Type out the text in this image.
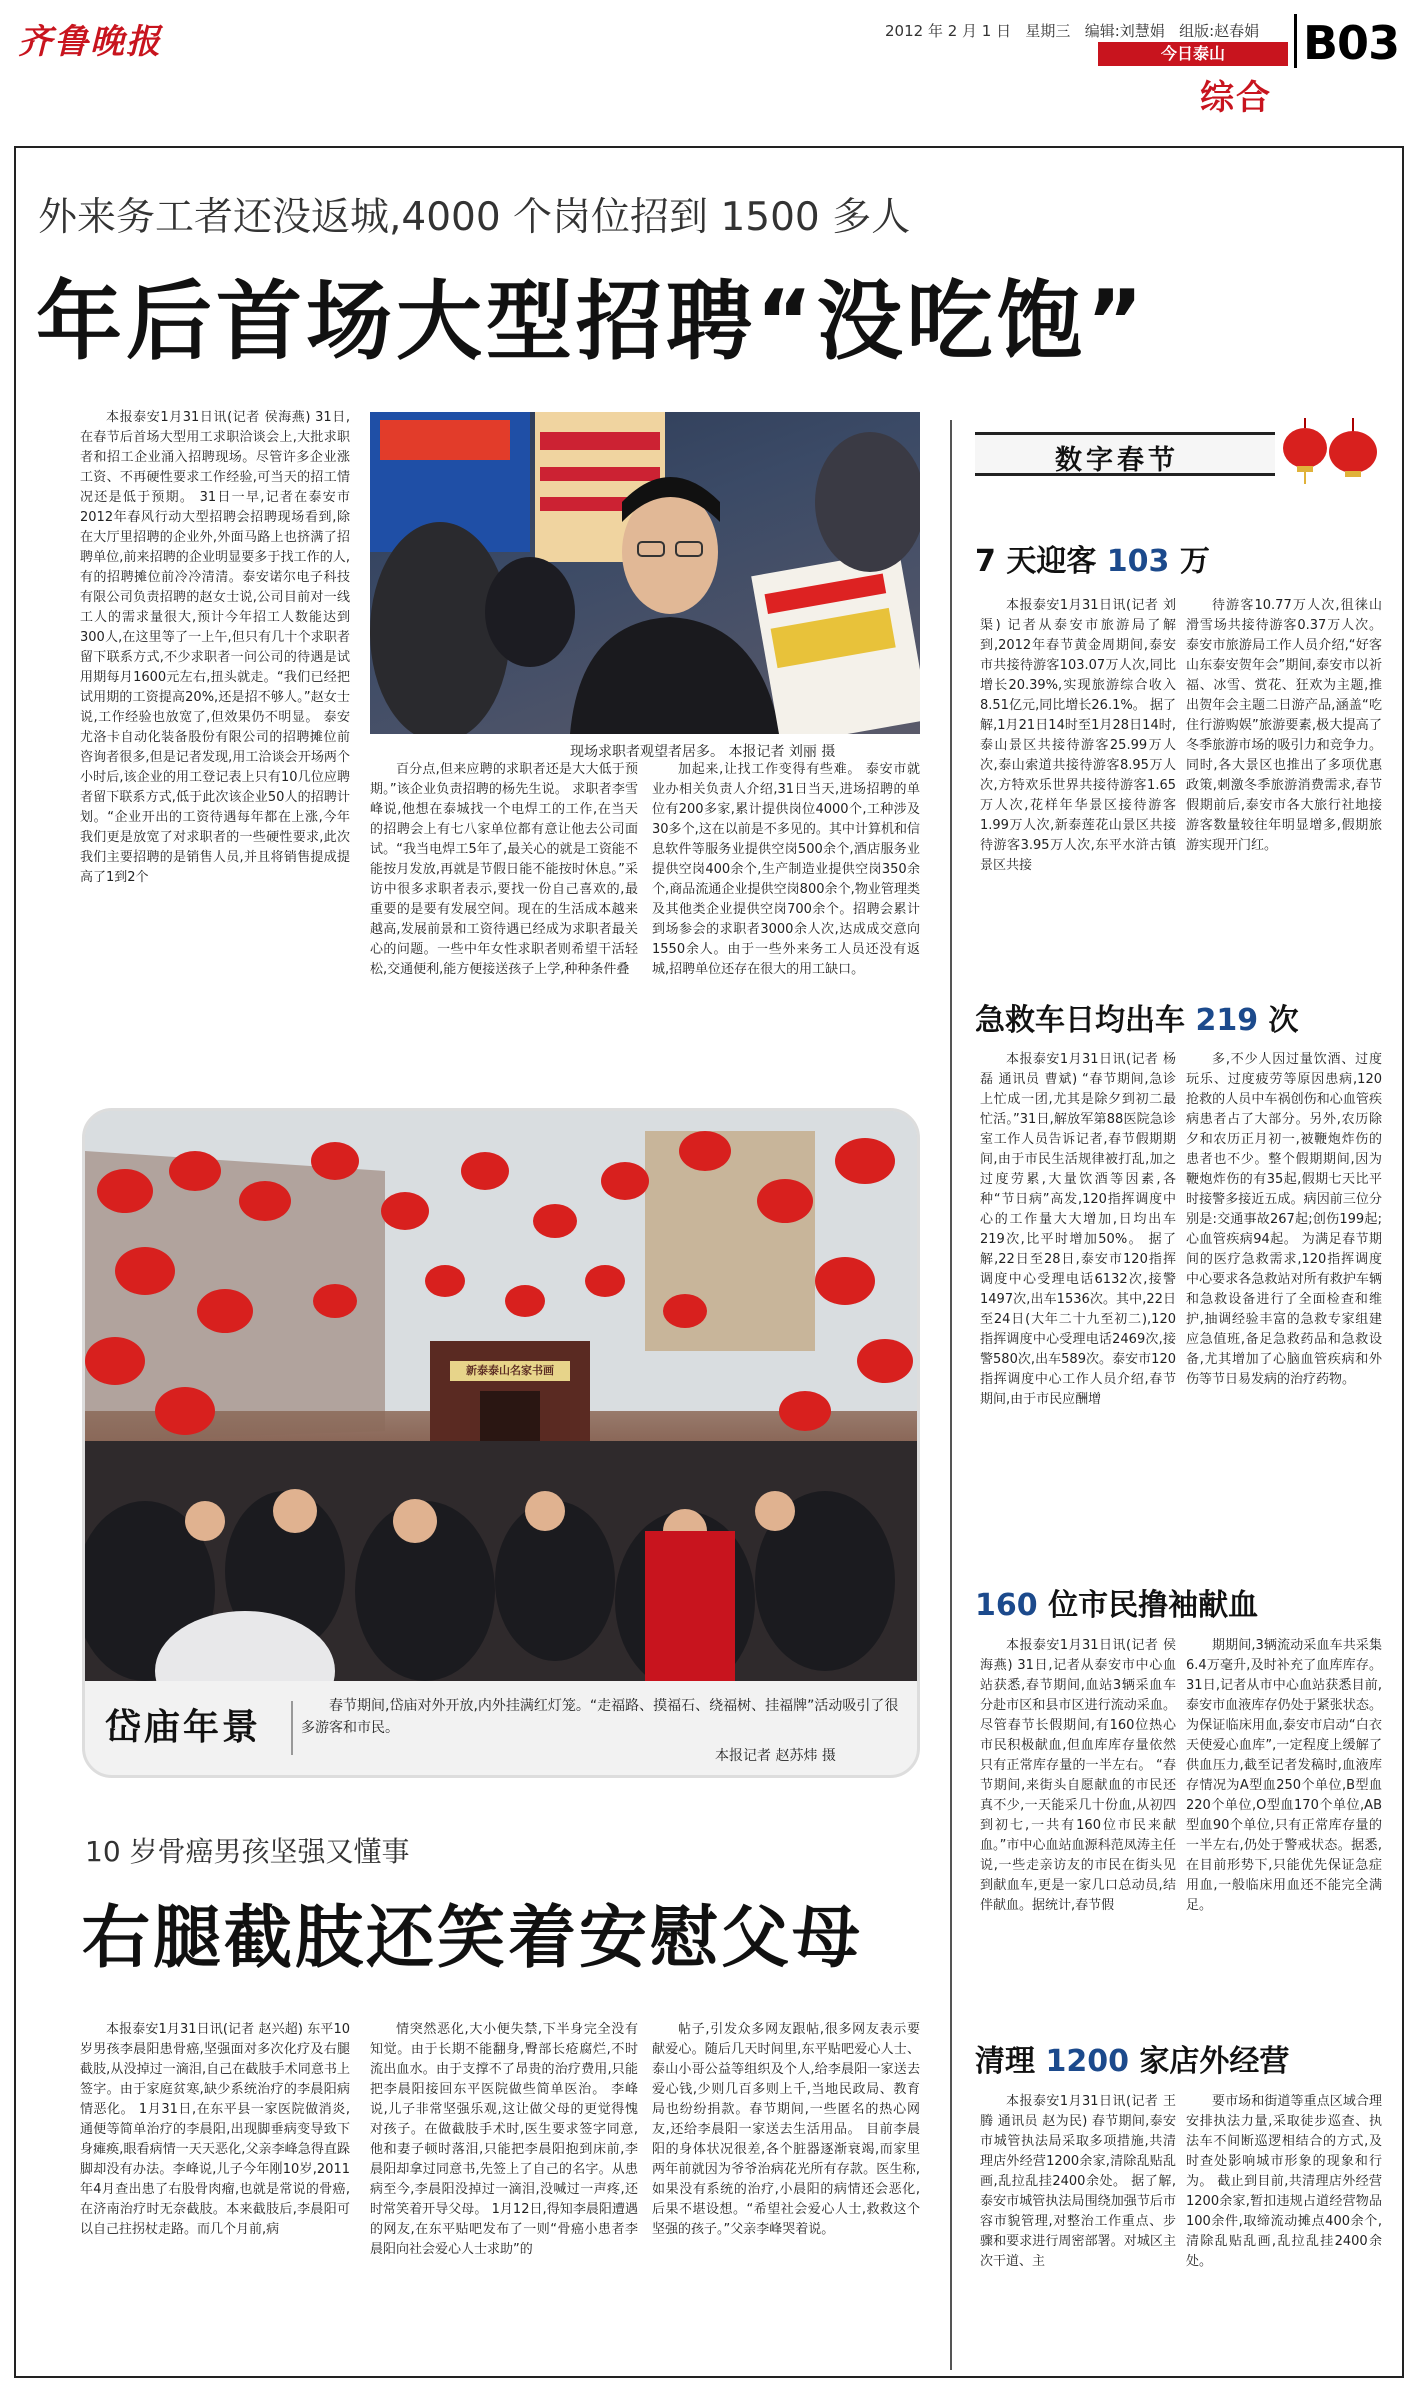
齐鲁晚报	2012 年 2 月 1 日 星期三 编辑:刘慧娟 组版:赵春娟
今日泰山
综合
B03
外来务工者还没返城,4000 个岗位招到 1500 多人
年后首场大型招聘“没吃饱”
本报泰安1月31日讯(记者 侯海燕) 31日,在春节后首场大型用工求职洽谈会上,大批求职者和招工企业涌入招聘现场。尽管许多企业涨工资、不再硬性要求工作经验,可当天的招工情况还是低于预期。 31日一早,记者在泰安市2012年春风行动大型招聘会招聘现场看到,除在大厅里招聘的企业外,外面马路上也挤满了招聘单位,前来招聘的企业明显要多于找工作的人,有的招聘摊位前冷冷清清。泰安诺尔电子科技有限公司负责招聘的赵女士说,公司目前对一线工人的需求量很大,预计今年招工人数能达到300人,在这里等了一上午,但只有几十个求职者留下联系方式,不少求职者一问公司的待遇是试用期每月1600元左右,扭头就走。“我们已经把试用期的工资提高20%,还是招不够人。”赵女士说,工作经验也放宽了,但效果仍不明显。 泰安尤洛卡自动化装备股份有限公司的招聘摊位前咨询者很多,但是记者发现,用工洽谈会开场两个小时后,该企业的用工登记表上只有10几位应聘者留下联系方式,低于此次该企业50人的招聘计划。“企业开出的工资待遇每年都在上涨,今年我们更是放宽了对求职者的一些硬性要求,此次我们主要招聘的是销售人员,并且将销售提成提高了1到2个
现场求职者观望者居多。 本报记者 刘丽 摄
百分点,但来应聘的求职者还是大大低于预期。”该企业负责招聘的杨先生说。 求职者李雪峰说,他想在泰城找一个电焊工的工作,在当天的招聘会上有七八家单位都有意让他去公司面试。“我当电焊工5年了,最关心的就是工资能不能按月发放,再就是节假日能不能按时休息。”采访中很多求职者表示,要找一份自己喜欢的,最重要的是要有发展空间。现在的生活成本越来越高,发展前景和工资待遇已经成为求职者最关心的问题。一些中年女性求职者则希望干活轻松,交通便利,能方便接送孩子上学,种种条件叠
加起来,让找工作变得有些难。 泰安市就业办相关负责人介绍,31日当天,进场招聘的单位有200多家,累计提供岗位4000个,工种涉及30多个,这在以前是不多见的。其中计算机和信息软件等服务业提供空岗500余个,酒店服务业提供空岗400余个,生产制造业提供空岗350余个,商品流通企业提供空岗800余个,物业管理类及其他类企业提供空岗700余个。招聘会累计到场参会的求职者3000余人次,达成成交意向1550余人。由于一些外来务工人员还没有返城,招聘单位还存在很大的用工缺口。
新泰泰山名家书画
岱庙年景
春节期间,岱庙对外开放,内外挂满红灯笼。“走福路、摸福石、绕福树、挂福牌”活动吸引了很多游客和市民。
本报记者 赵苏炜 摄
10 岁骨癌男孩坚强又懂事
右腿截肢还笑着安慰父母
本报泰安1月31日讯(记者 赵兴超) 东平10岁男孩李晨阳患骨癌,坚强面对多次化疗及右腿截肢,从没掉过一滴泪,自己在截肢手术同意书上签字。由于家庭贫寒,缺少系统治疗的李晨阳病情恶化。 1月31日,在东平县一家医院做消炎,通便等简单治疗的李晨阳,出现脚垂病变导致下身瘫痪,眼看病情一天天恶化,父亲李峰急得直跺脚却没有办法。李峰说,儿子今年刚10岁,2011年4月查出患了右股骨肉瘤,也就是常说的骨癌,在济南治疗时无奈截肢。本来截肢后,李晨阳可以自己拄拐杖走路。而几个月前,病
情突然恶化,大小便失禁,下半身完全没有知觉。由于长期不能翻身,臀部长疮腐烂,不时流出血水。由于支撑不了昂贵的治疗费用,只能把李晨阳接回东平医院做些简单医治。 李峰说,儿子非常坚强乐观,这让做父母的更觉得愧对孩子。在做截肢手术时,医生要求签字同意,他和妻子顿时落泪,只能把李晨阳抱到床前,李晨阳却拿过同意书,先签上了自己的名字。从患病至今,李晨阳没掉过一滴泪,没喊过一声疼,还时常笑着开导父母。 1月12日,得知李晨阳遭遇的网友,在东平贴吧发布了一则“骨癌小患者李晨阳向社会爱心人士求助”的
帖子,引发众多网友跟帖,很多网友表示要献爱心。随后几天时间里,东平贴吧爱心人士、泰山小哥公益等组织及个人,给李晨阳一家送去爱心钱,少则几百多则上千,当地民政局、教育局也纷纷捐款。春节期间,一些匿名的热心网友,还给李晨阳一家送去生活用品。 目前李晨阳的身体状况很差,各个脏器逐渐衰竭,而家里两年前就因为爷爷治病花光所有存款。医生称,如果没有系统的治疗,小晨阳的病情还会恶化,后果不堪设想。“希望社会爱心人士,救救这个坚强的孩子。”父亲李峰哭着说。
数字春节
7 天迎客 103 万
本报泰安1月31日讯(记者 刘渠) 记者从泰安市旅游局了解到,2012年春节黄金周期间,泰安市共接待游客103.07万人次,同比增长20.39%,实现旅游综合收入8.51亿元,同比增长26.1%。 据了解,1月21日14时至1月28日14时,泰山景区共接待游客25.99万人次,泰山索道共接待游客8.95万人次,方特欢乐世界共接待游客1.65万人次,花样年华景区接待游客1.99万人次,新泰莲花山景区共接待游客3.95万人次,东平水浒古镇景区共接
待游客10.77万人次,徂徕山滑雪场共接待游客0.37万人次。 泰安市旅游局工作人员介绍,“好客山东泰安贺年会”期间,泰安市以祈福、冰雪、赏花、狂欢为主题,推出贺年会主题二日游产品,涵盖“吃住行游购娱”旅游要素,极大提高了冬季旅游市场的吸引力和竞争力。同时,各大景区也推出了多项优惠政策,刺激冬季旅游消费需求,春节假期前后,泰安市各大旅行社地接游客数量较往年明显增多,假期旅游实现开门红。
急救车日均出车 219 次
本报泰安1月31日讯(记者 杨磊 通讯员 曹斌) “春节期间,急诊上忙成一团,尤其是除夕到初二最忙活。”31日,解放军第88医院急诊室工作人员告诉记者,春节假期期间,由于市民生活规律被打乱,加之过度劳累,大量饮酒等因素,各种“节日病”高发,120指挥调度中心的工作量大大增加,日均出车219次,比平时增加50%。 据了解,22日至28日,泰安市120指挥调度中心受理电话6132次,接警1497次,出车1536次。其中,22日至24日(大年二十九至初二),120指挥调度中心受理电话2469次,接警580次,出车589次。泰安市120指挥调度中心工作人员介绍,春节期间,由于市民应酬增
多,不少人因过量饮酒、过度玩乐、过度疲劳等原因患病,120抢救的人员中车祸创伤和心血管疾病患者占了大部分。另外,农历除夕和农历正月初一,被鞭炮炸伤的患者也不少。整个假期期间,因为鞭炮炸伤的有35起,假期七天比平时接警多接近五成。病因前三位分别是:交通事故267起;创伤199起;心血管疾病94起。 为满足春节期间的医疗急救需求,120指挥调度中心要求各急救站对所有救护车辆和急救设备进行了全面检查和维护,抽调经验丰富的急救专家组建应急值班,备足急救药品和急救设备,尤其增加了心脑血管疾病和外伤等节日易发病的治疗药物。
160 位市民撸袖献血
本报泰安1月31日讯(记者 侯海燕) 31日,记者从泰安市中心血站获悉,春节期间,血站3辆采血车分赴市区和县市区进行流动采血。尽管春节长假期间,有160位热心市民积极献血,但血库库存量依然只有正常库存量的一半左右。 “春节期间,来街头自愿献血的市民还真不少,一天能采几十份血,从初四到初七,一共有160位市民来献血。”市中心血站血源科范凤涛主任说,一些走亲访友的市民在街头见到献血车,更是一家几口总动员,结伴献血。据统计,春节假
期期间,3辆流动采血车共采集6.4万毫升,及时补充了血库库存。 31日,记者从市中心血站获悉目前,泰安市血液库存仍处于紧张状态。为保证临床用血,泰安市启动“白衣天使爱心血库”,一定程度上缓解了供血压力,截至记者发稿时,血液库存情况为A型血250个单位,B型血220个单位,O型血170个单位,AB型血90个单位,只有正常库存量的一半左右,仍处于警戒状态。据悉,在目前形势下,只能优先保证急症用血,一般临床用血还不能完全满足。
清理 1200 家店外经营
本报泰安1月31日讯(记者 王腾 通讯员 赵为民) 春节期间,泰安市城管执法局采取多项措施,共清理店外经营1200余家,清除乱贴乱画,乱拉乱挂2400余处。 据了解,泰安市城管执法局围绕加强节后市容市貌管理,对整治工作重点、步骤和要求进行周密部署。对城区主次干道、主
要市场和街道等重点区域合理安排执法力量,采取徒步巡查、执法车不间断巡逻相结合的方式,及时查处影响城市形象的现象和行为。 截止到目前,共清理店外经营1200余家,暂扣违规占道经营物品100余件,取缔流动摊点400余个,清除乱贴乱画,乱拉乱挂2400余处。
